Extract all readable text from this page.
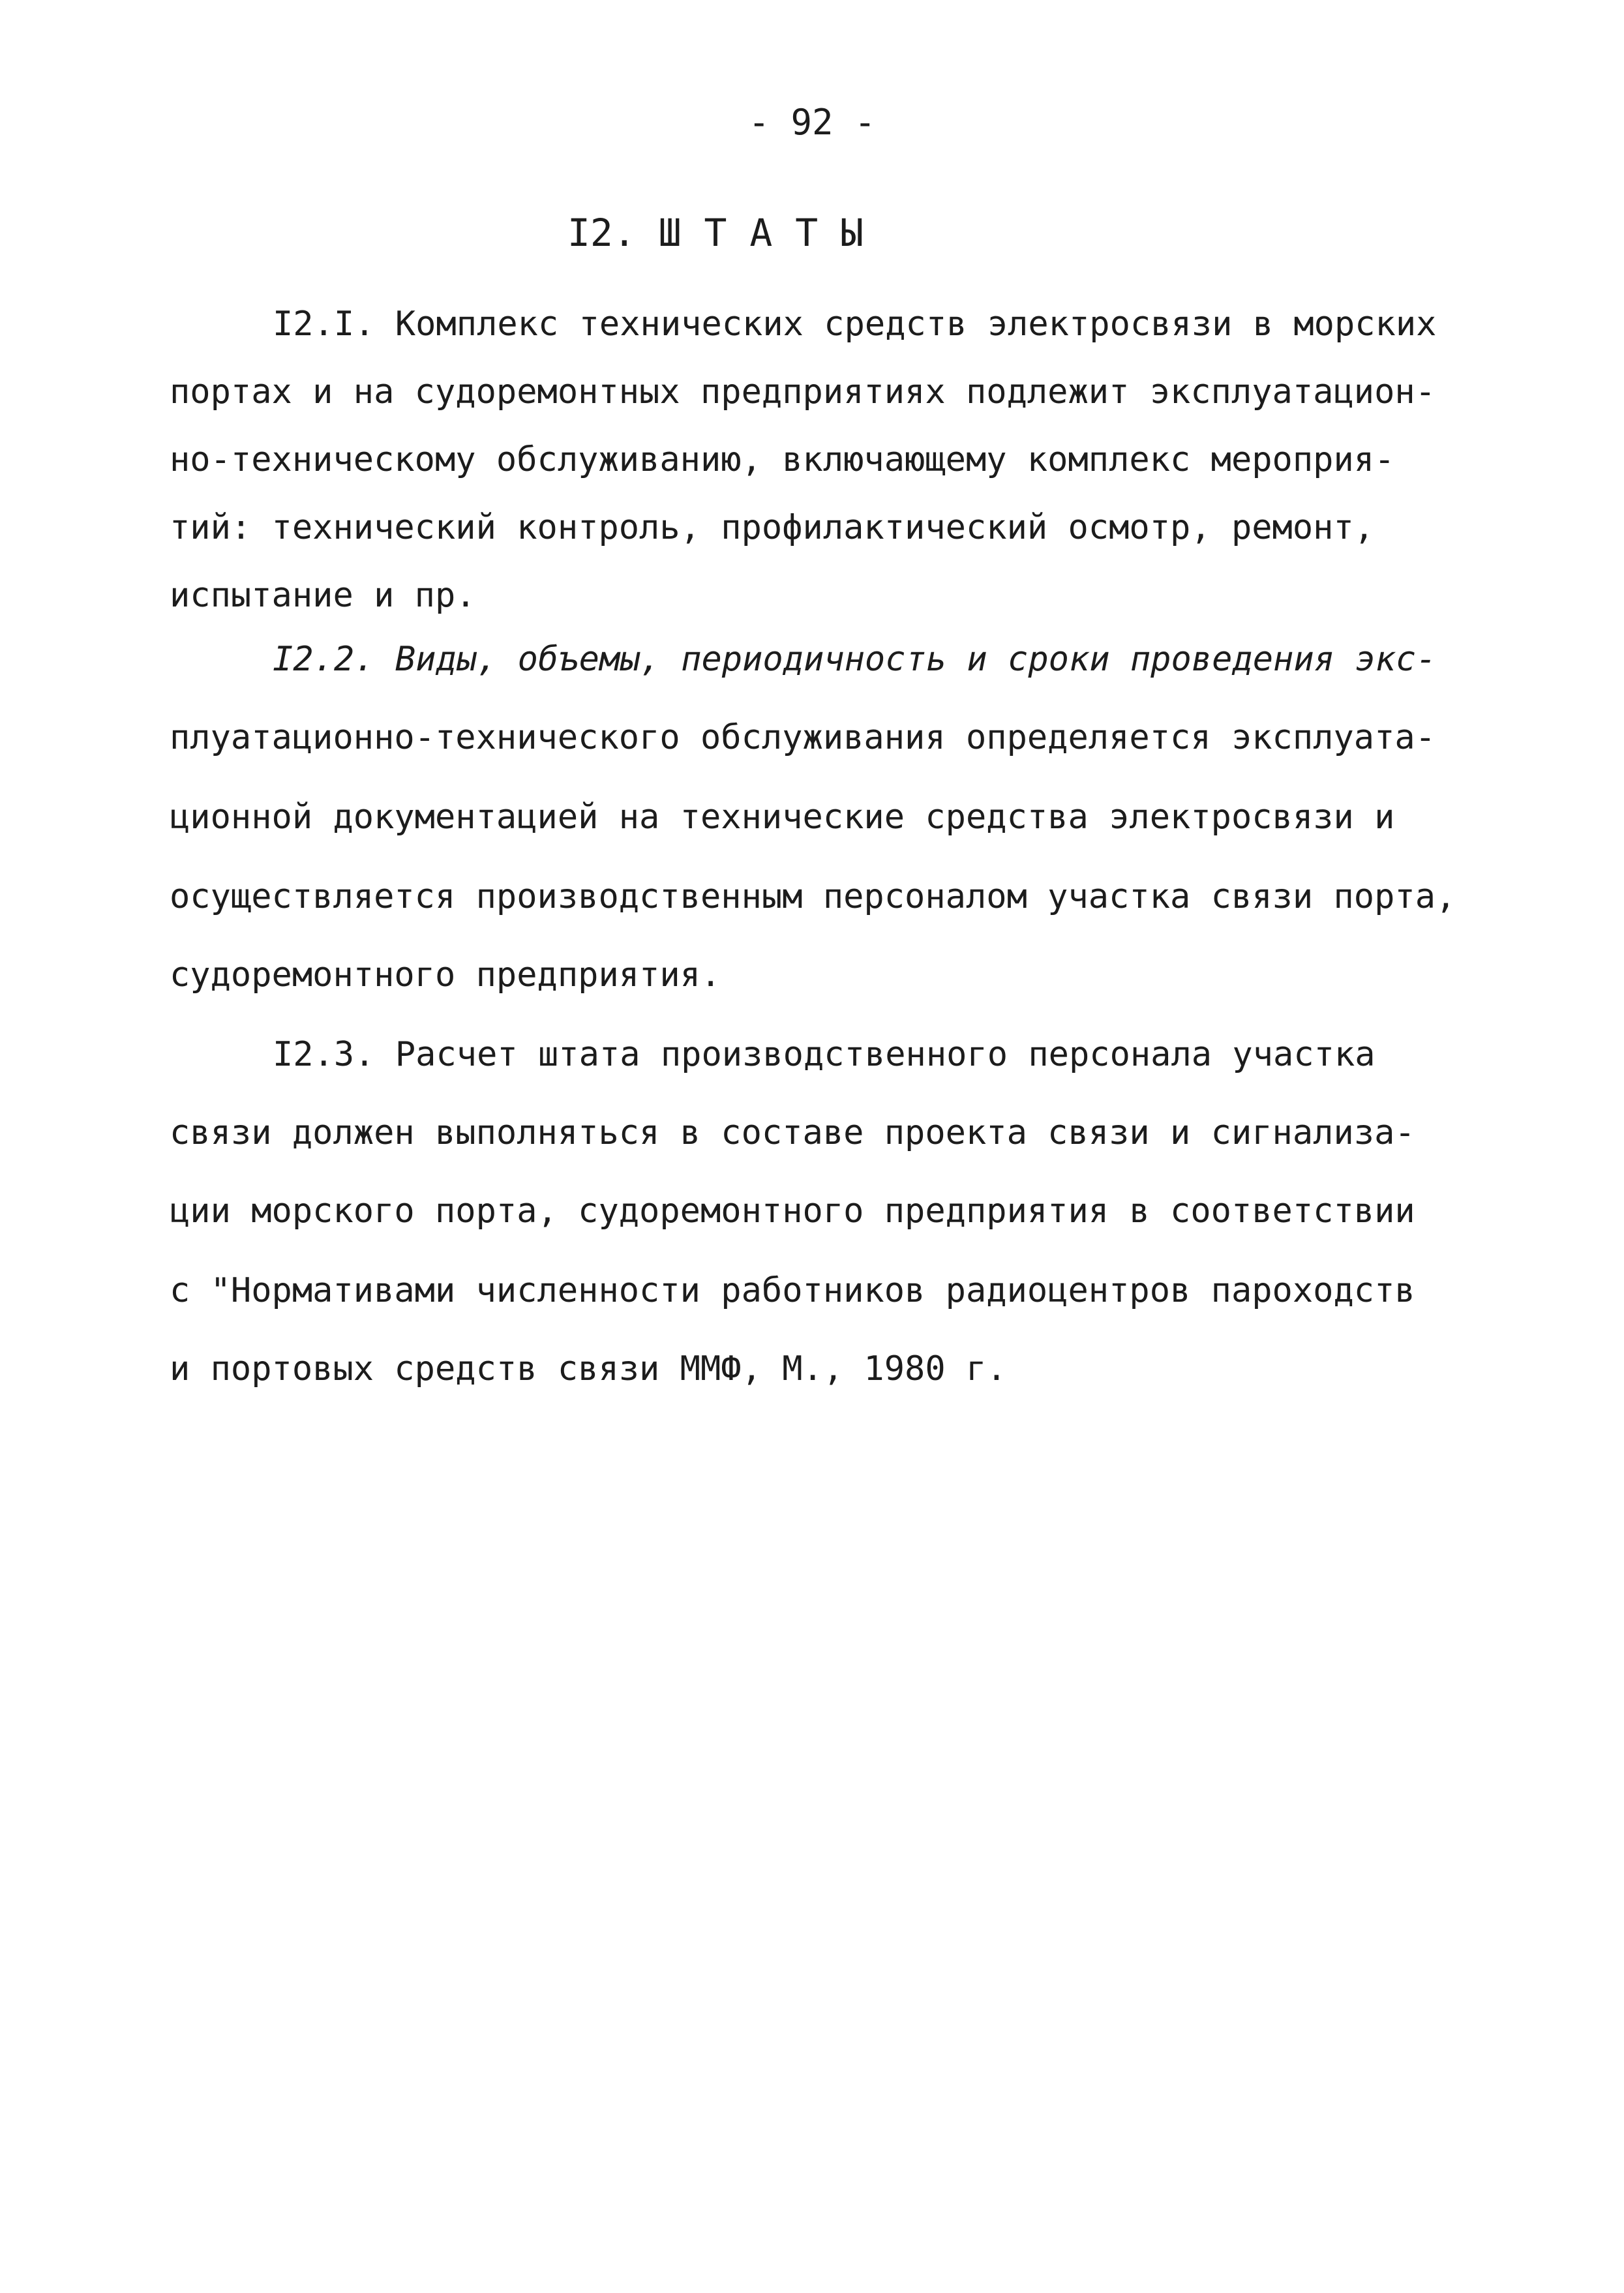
- 92 -
I2. Ш Т А Т Ы
I2.I. Комплекс технических средств электросвязи в морских
портах и на судоремонтных предприятиях подлежит эксплуатацион-
но-техническому обслуживанию, включающему комплекс мероприя-
тий: технический контроль, профилактический осмотр, ремонт,
испытание и пр.
I2.2. Виды, объемы, периодичность и сроки проведения экс-
плуатационно-технического обслуживания определяется эксплуата-
ционной документацией на технические средства электросвязи и
осуществляется производственным персоналом участка связи порта,
судоремонтного предприятия.
I2.3. Расчет штата производственного персонала участка
связи должен выполняться в составе проекта связи и сигнализа-
ции морского порта, судоремонтного предприятия в соответствии
с "Нормативами численности работников радиоцентров пароходств
и портовых средств связи ММФ, М., 1980 г.
